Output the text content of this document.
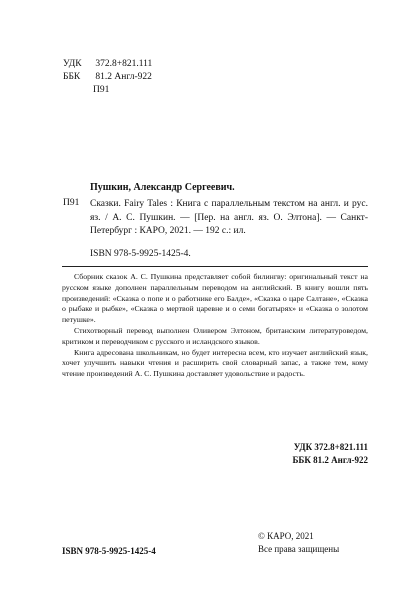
УДК 372.8+821.111
ББК 81.2 Англ-922
П91
Пушкин, Александр Сергеевич.
П91 Сказки. Fairy Tales : Книга с параллельным текстом на англ. и рус. яз. / А. С. Пушкин. — [Пер. на англ. яз. О. Элтона]. — Санкт-Петербург : КАРО, 2021. — 192 с.: ил.
ISBN 978-5-9925-1425-4.

Сборник сказок А. С. Пушкина представляет собой билингву: оригинальный текст на русском языке дополнен параллельным переводом на английский. В книгу вошли пять произведений: «Сказка о попе и о работнике его Балде», «Сказка о царе Салтане», «Сказка о рыбаке и рыбке», «Сказка о мертвой царевне и о семи богатырях» и «Сказка о золотом петушке».

Стихотворный перевод выполнен Оливером Элтоном, британским литературоведом, критиком и переводчиком с русского и исландского языков.

Книга адресована школьникам, но будет интересна всем, кто изучает английский язык, хочет улучшить навыки чтения и расширить свой словарный запас, а также тем, кому чтение произведений А. С. Пушкина доставляет удовольствие и радость.

УДК 372.8+821.111
ББК 81.2 Англ-922
ISBN 978-5-9925-1425-4
© КАРО, 2021
Все права защищены
